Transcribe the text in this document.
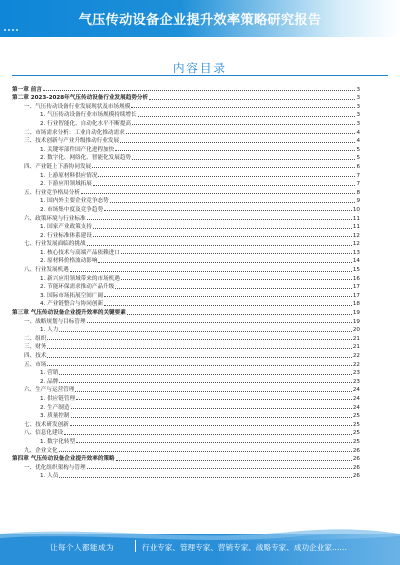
气压传动设备企业提升效率策略研究报告
内容目录
第一章 前言	3
第二章 2023-2028年气压传动设备行业发展趋势分析	3
一、气压传动设备行业发展现状及市场规模	3
1. 气压传动设备行业市场规模持续增长	3
2. 行业智能化、自动化水平不断提高	3
二、市场需求分析：工业自动化推动需求	4
三、技术创新与产业升级推动行业发展	4
1. 关键零部件国产化进程加快	5
2. 数字化、网络化、智能化发展趋势	5
四、产业链上下游协同发展	6
1. 上游原材料供应情况	7
2. 下游应用领域拓展	7
五、行业竞争格局分析	8
1. 国内外主要企业竞争态势	9
2. 市场集中度及竞争趋势	10
六、政策环境与行业标准	11
1. 国家产业政策支持	11
2. 行业标准体系建设	12
七、行业发展面临的挑战	12
1. 核心技术与高端产品依赖进口	13
2. 原材料价格波动影响	14
八、行业发展机遇	15
1. 新兴应用领域带来的市场机遇	16
2. 节能环保需求推动产品升级	17
3. 国际市场拓展空间广阔	17
4. 产业链整合与协同创新	18
第三章 气压传动设备企业提升效率的关键要素	19
一、战略规划与目标管理	19
1. 人力	20
二、组织	21
三、财务	21
四、技术	22
五、市场	22
1. 营销	23
2. 品牌	23
六、生产与运营管理	24
1. 供应链管理	24
2. 生产制造	24
3. 质量控制	25
七、技术研发创新	25
八、信息化建设	25
1. 数字化转型	25
九、企业文化	26
第四章 气压传动设备企业提升效率的策略	26
一、优化组织架构与管理	26
1. 人员	26
让每个人都能成为	行业专家、管理专家、营销专家、战略专家、成功企业家……
